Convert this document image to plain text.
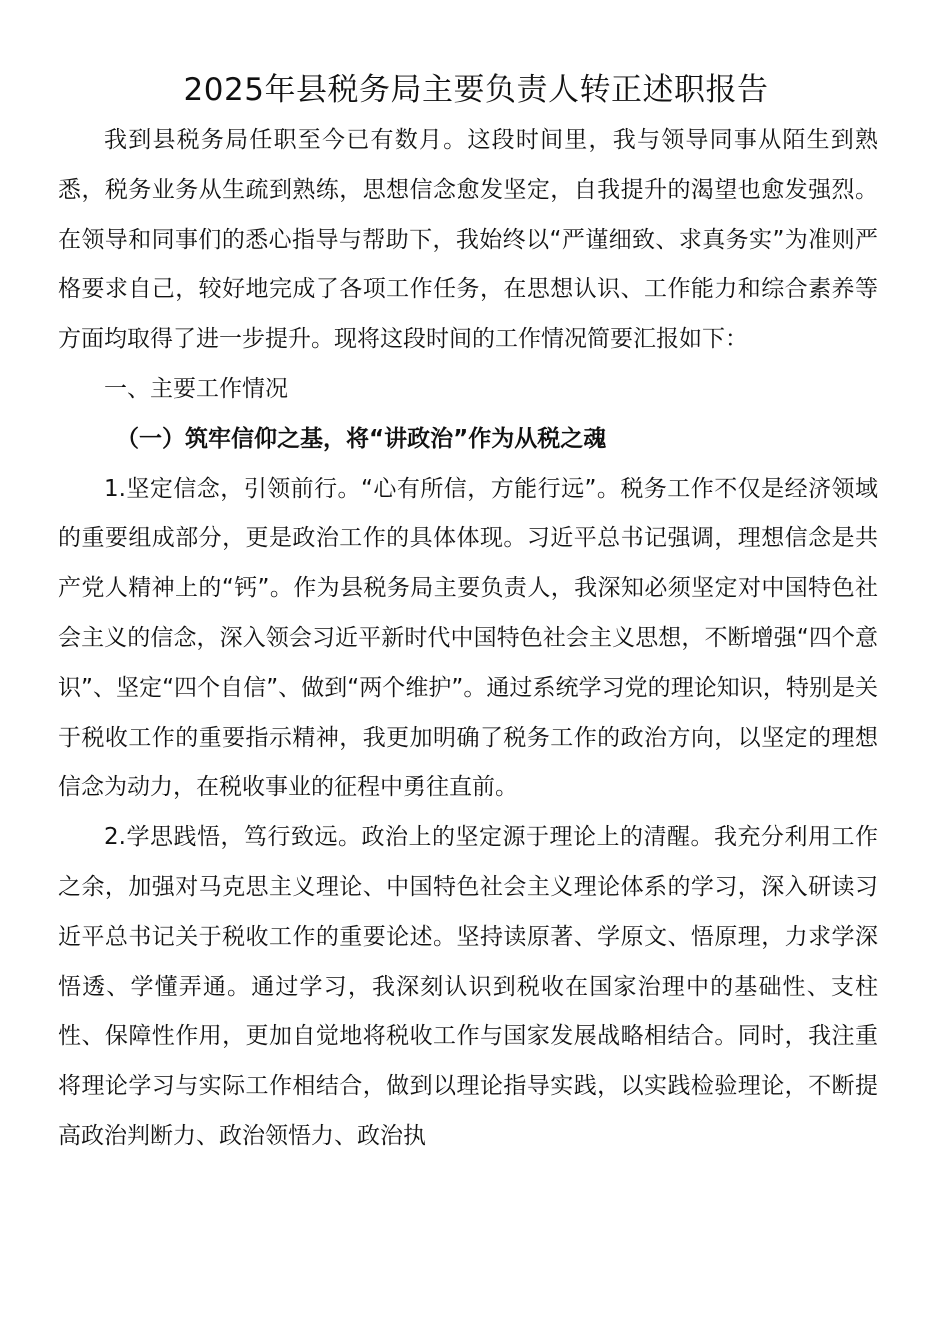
2025年县税务局主要负责人转正述职报告

我到县税务局任职至今已有数月。这段时间里，我与领导同事从陌生到熟悉，税务业务从生疏到熟练，思想信念愈发坚定，自我提升的渴望也愈发强烈。在领导和同事们的悉心指导与帮助下，我始终以“严谨细致、求真务实”为准则严格要求自己，较好地完成了各项工作任务，在思想认识、工作能力和综合素养等方面均取得了进一步提升。现将这段时间的工作情况简要汇报如下：

一、主要工作情况

（一）筑牢信仰之基，将“讲政治”作为从税之魂

1.坚定信念，引领前行。“心有所信，方能行远”。税务工作不仅是经济领域的重要组成部分，更是政治工作的具体体现。习近平总书记强调，理想信念是共产党人精神上的“钙”。作为县税务局主要负责人，我深知必须坚定对中国特色社会主义的信念，深入领会习近平新时代中国特色社会主义思想，不断增强“四个意识”、坚定“四个自信”、做到“两个维护”。通过系统学习党的理论知识，特别是关于税收工作的重要指示精神，我更加明确了税务工作的政治方向，以坚定的理想信念为动力，在税收事业的征程中勇往直前。

2.学思践悟，笃行致远。政治上的坚定源于理论上的清醒。我充分利用工作之余，加强对马克思主义理论、中国特色社会主义理论体系的学习，深入研读习近平总书记关于税收工作的重要论述。坚持读原著、学原文、悟原理，力求学深悟透、学懂弄通。通过学习，我深刻认识到税收在国家治理中的基础性、支柱性、保障性作用，更加自觉地将税收工作与国家发展战略相结合。同时，我注重将理论学习与实际工作相结合，做到以理论指导实践，以实践检验理论，不断提高政治判断力、政治领悟力、政治执
